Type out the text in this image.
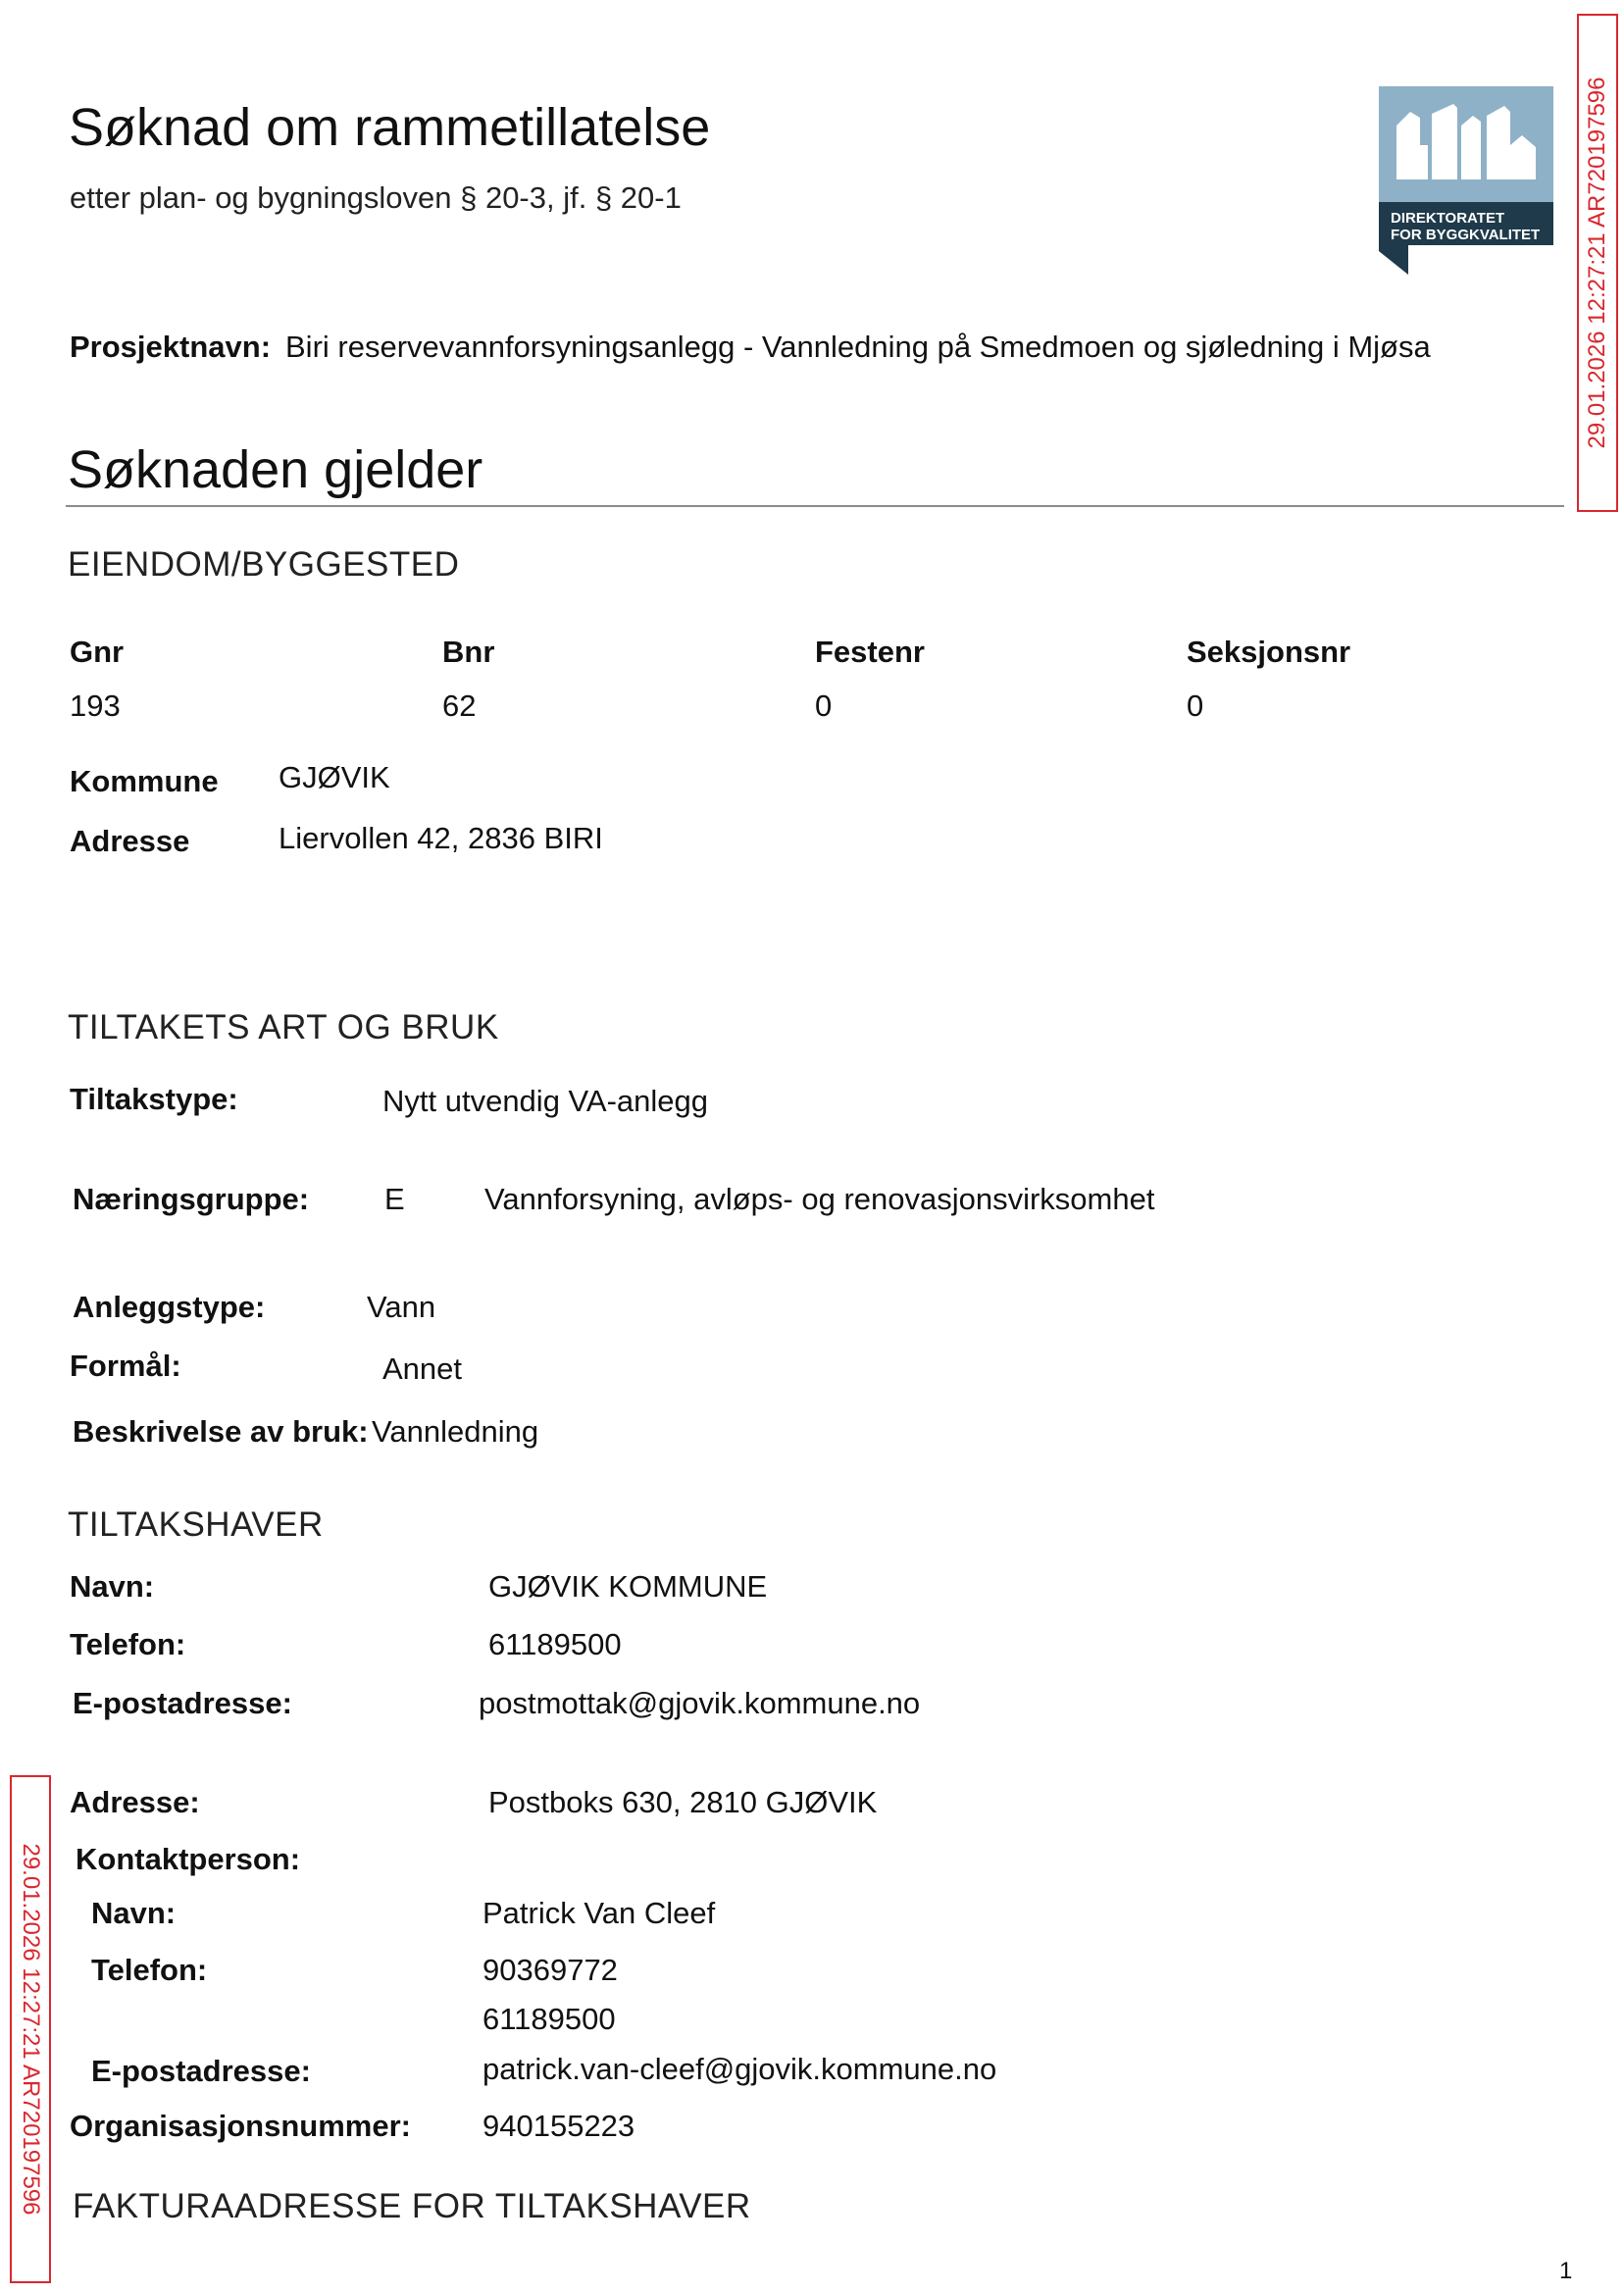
Søknad om rammetillatelse
etter plan- og bygningsloven § 20-3, jf. § 20-1
DIREKTORATET
FOR BYGGKVALITET
Prosjektnavn: Biri reservevannforsyningsanlegg - Vannledning på Smedmoen og sjøledning i Mjøsa
Søknaden gjelder
EIENDOM/BYGGESTED
Gnr	Bnr	Festenr	Seksjonsnr
193	62	0	0
Kommune GJØVIK
Adresse	Liervollen 42, 2836 BIRI
TILTAKETS ART OG BRUK
Tiltakstype:	Nytt utvendig VA-anlegg
Næringsgruppe: E	Vannforsyning, avløps- og renovasjonsvirksomhet
Anleggstype:	Vann
Formål:	Annet
Beskrivelse av bruk: Vannledning
TILTAKSHAVER
Navn:	GJØVIK KOMMUNE
Telefon:	61189500
E-postadresse:	postmottak@gjovik.kommune.no
Adresse:	Postboks 630, 2810 GJØVIK
Kontaktperson:
Navn:	Patrick Van Cleef
Telefon:	90369772
61189500
E-postadresse:	patrick.van-cleef@gjovik.kommune.no
Organisasjonsnummer: 940155223
FAKTURAADRESSE FOR TILTAKSHAVER
29.01.2026 12:27:21 AR720197596
29.01.2026 12:27:21 AR720197596
1
